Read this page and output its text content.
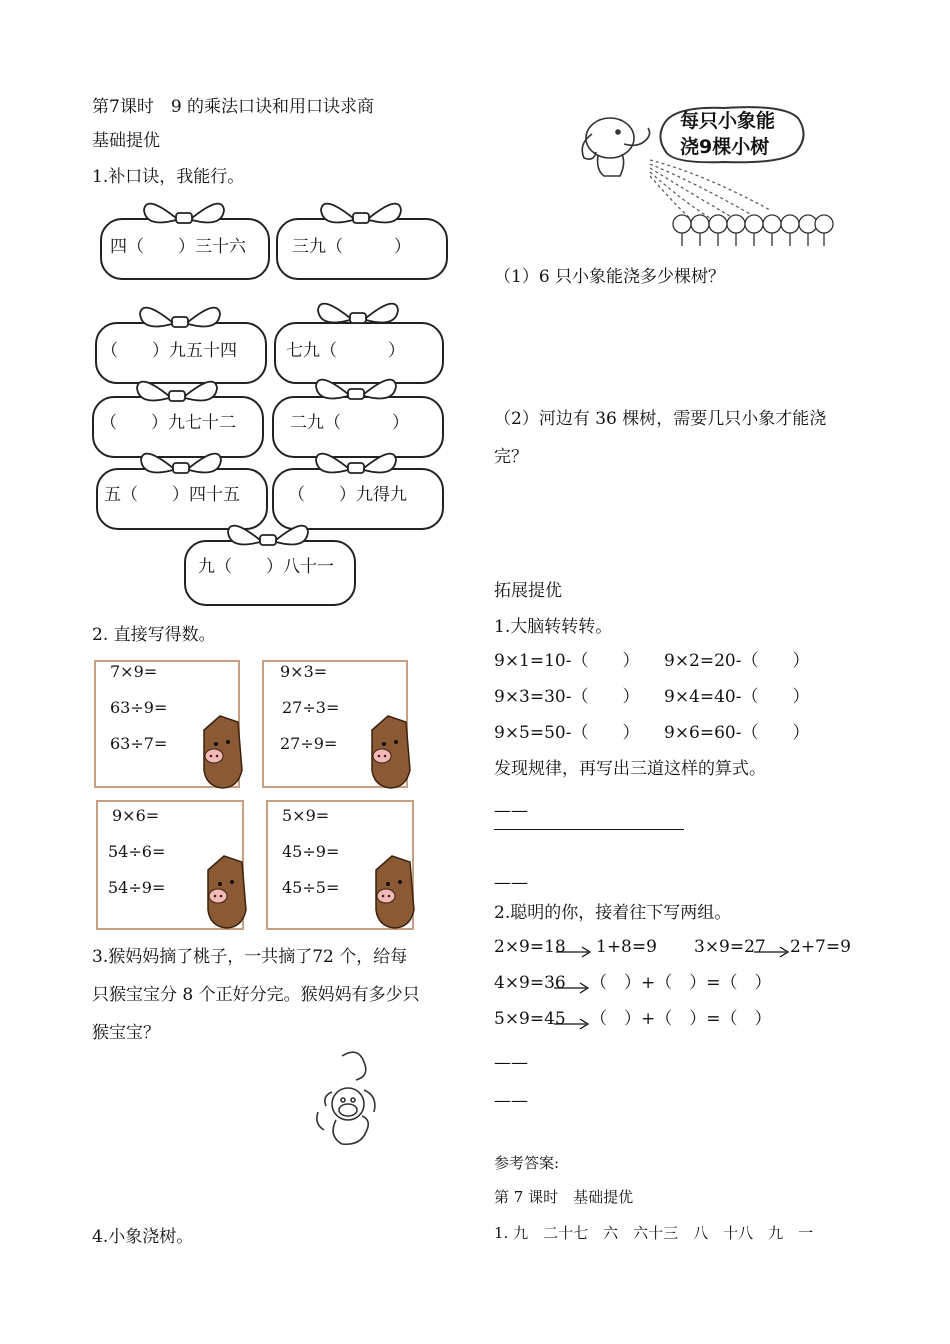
第7课时　9 的乘法口诀和用口诀求商
基础提优
1.补口诀，我能行。
四（　　）三十六	三九（　　　）
（　　）九五十四	七九（　　　）
（　　）九七十二	二九（　　　）
五（　　）四十五	（　　）九得九
九（　　）八十一
2. 直接写得数。
7×9=
63÷9=
63÷7=
9×3=
27÷3=
27÷9=
9×6=
54÷6=
54÷9=
5×9=
45÷9=
45÷5=
3.猴妈妈摘了桃子，一共摘了72 个，给每
只猴宝宝分 8 个正好分完。猴妈妈有多少只
猴宝宝？
4.小象浇树。
每只小象能
浇9棵小树
（1）6 只小象能浇多少棵树？
（2）河边有 36 棵树，需要几只小象才能浇
完？
拓展提优
1.大脑转转转。
9×1=10-（　　） 9×2=20-（　　）
9×3=30-（　　） 9×4=40-（　　）
9×5=50-（　　） 9×6=60-（　　）
发现规律，再写出三道这样的算式。
——
——
2.聪明的你，接着往下写两组。
2×9=18 1+8=9 3×9=27 2+7=9
4×9=36 （　）+（　）=（　）
5×9=45 （　）+（　）=（　）
——
——
参考答案:
第 7 课时　基础提优
1. 九　二十七　六　六十三　八　十八　九　一
